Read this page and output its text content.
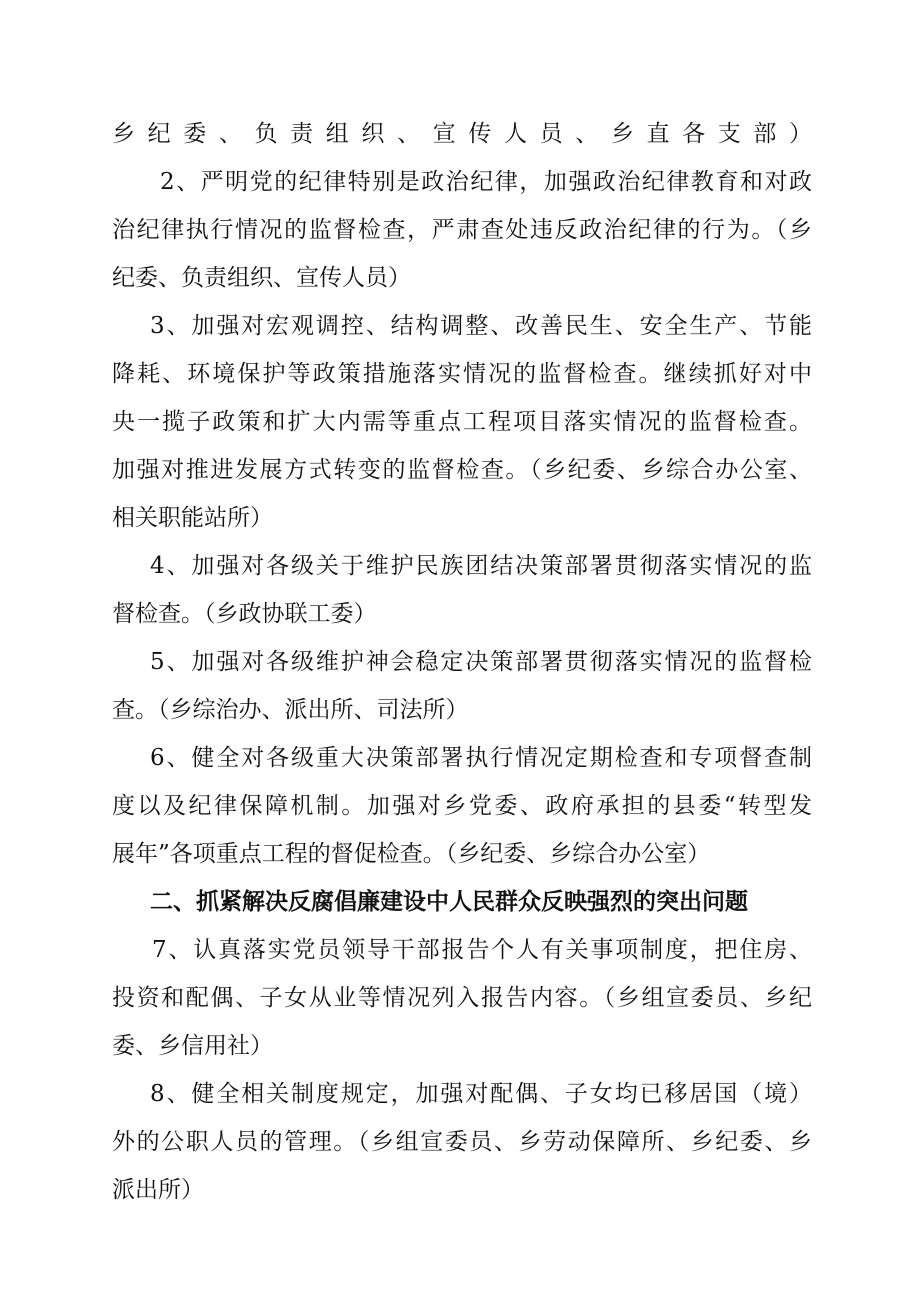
乡纪委、负责组织、宣传人员、乡直各支部）
2、严明党的纪律特别是政治纪律，加强政治纪律教育和对政
治纪律执行情况的监督检查，严肃查处违反政治纪律的行为。（乡
纪委、负责组织、宣传人员）
3、加强对宏观调控、结构调整、改善民生、安全生产、节能
降耗、环境保护等政策措施落实情况的监督检查。继续抓好对中
央一揽子政策和扩大内需等重点工程项目落实情况的监督检查。
加强对推进发展方式转变的监督检查。（乡纪委、乡综合办公室、
相关职能站所）
4、加强对各级关于维护民族团结决策部署贯彻落实情况的监
督检查。（乡政协联工委）
5、加强对各级维护神会稳定决策部署贯彻落实情况的监督检
查。（乡综治办、派出所、司法所）
6、健全对各级重大决策部署执行情况定期检查和专项督查制
度以及纪律保障机制。加强对乡党委、政府承担的县委“转型发
展年”各项重点工程的督促检查。（乡纪委、乡综合办公室）
二、抓紧解决反腐倡廉建设中人民群众反映强烈的突出问题
7、认真落实党员领导干部报告个人有关事项制度，把住房、
投资和配偶、子女从业等情况列入报告内容。（乡组宣委员、乡纪
委、乡信用社）
8、健全相关制度规定，加强对配偶、子女均已移居国（境）
外的公职人员的管理。（乡组宣委员、乡劳动保障所、乡纪委、乡
派出所）
